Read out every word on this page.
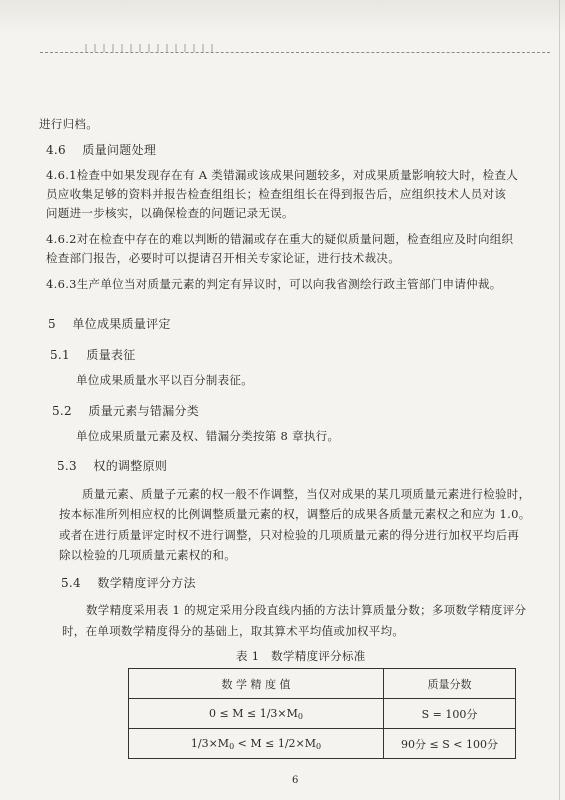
进行归档。
4.6　 质量问题处理
4.6.1检查中如果发现存在有 A 类错漏或该成果问题较多，对成果质量影响较大时，检查人
员应收集足够的资料并报告检查组组长；检查组组长在得到报告后，应组织技术人员对该
问题进一步核实，以确保检查的问题记录无误。
4.6.2对在检查中存在的难以判断的错漏或存在重大的疑似质量问题，检查组应及时向组织
检查部门报告，必要时可以提请召开相关专家论证，进行技术裁决。
4.6.3生产单位当对质量元素的判定有异议时，可以向我省测绘行政主管部门申请仲裁。
5　 单位成果质量评定
5.1　 质量表征
单位成果质量水平以百分制表征。
5.2　 质量元素与错漏分类
单位成果质量元素及权、错漏分类按第 8 章执行。
5.3　 权的调整原则
质量元素、质量子元素的权一般不作调整，当仅对成果的某几项质量元素进行检验时，
按本标准所列相应权的比例调整质量元素的权，调整后的成果各质量元素权之和应为 1.0。
或者在进行质量评定时权不进行调整，只对检验的几项质量元素的得分进行加权平均后再
除以检验的几项质量元素权的和。
5.4　 数学精度评分方法
数学精度采用表 1 的规定采用分段直线内插的方法计算质量分数；多项数学精度评分
时，在单项数学精度得分的基础上，取其算术平均值或加权平均。
表 1　数学精度评分标准
数 学 精 度 值	质量分数
$0 \le M \le 1/3\times M_0$	S = 100分
$1/3\times M_0 < M \le 1/2\times M_0$	90分 ≤ S < 100分
6
